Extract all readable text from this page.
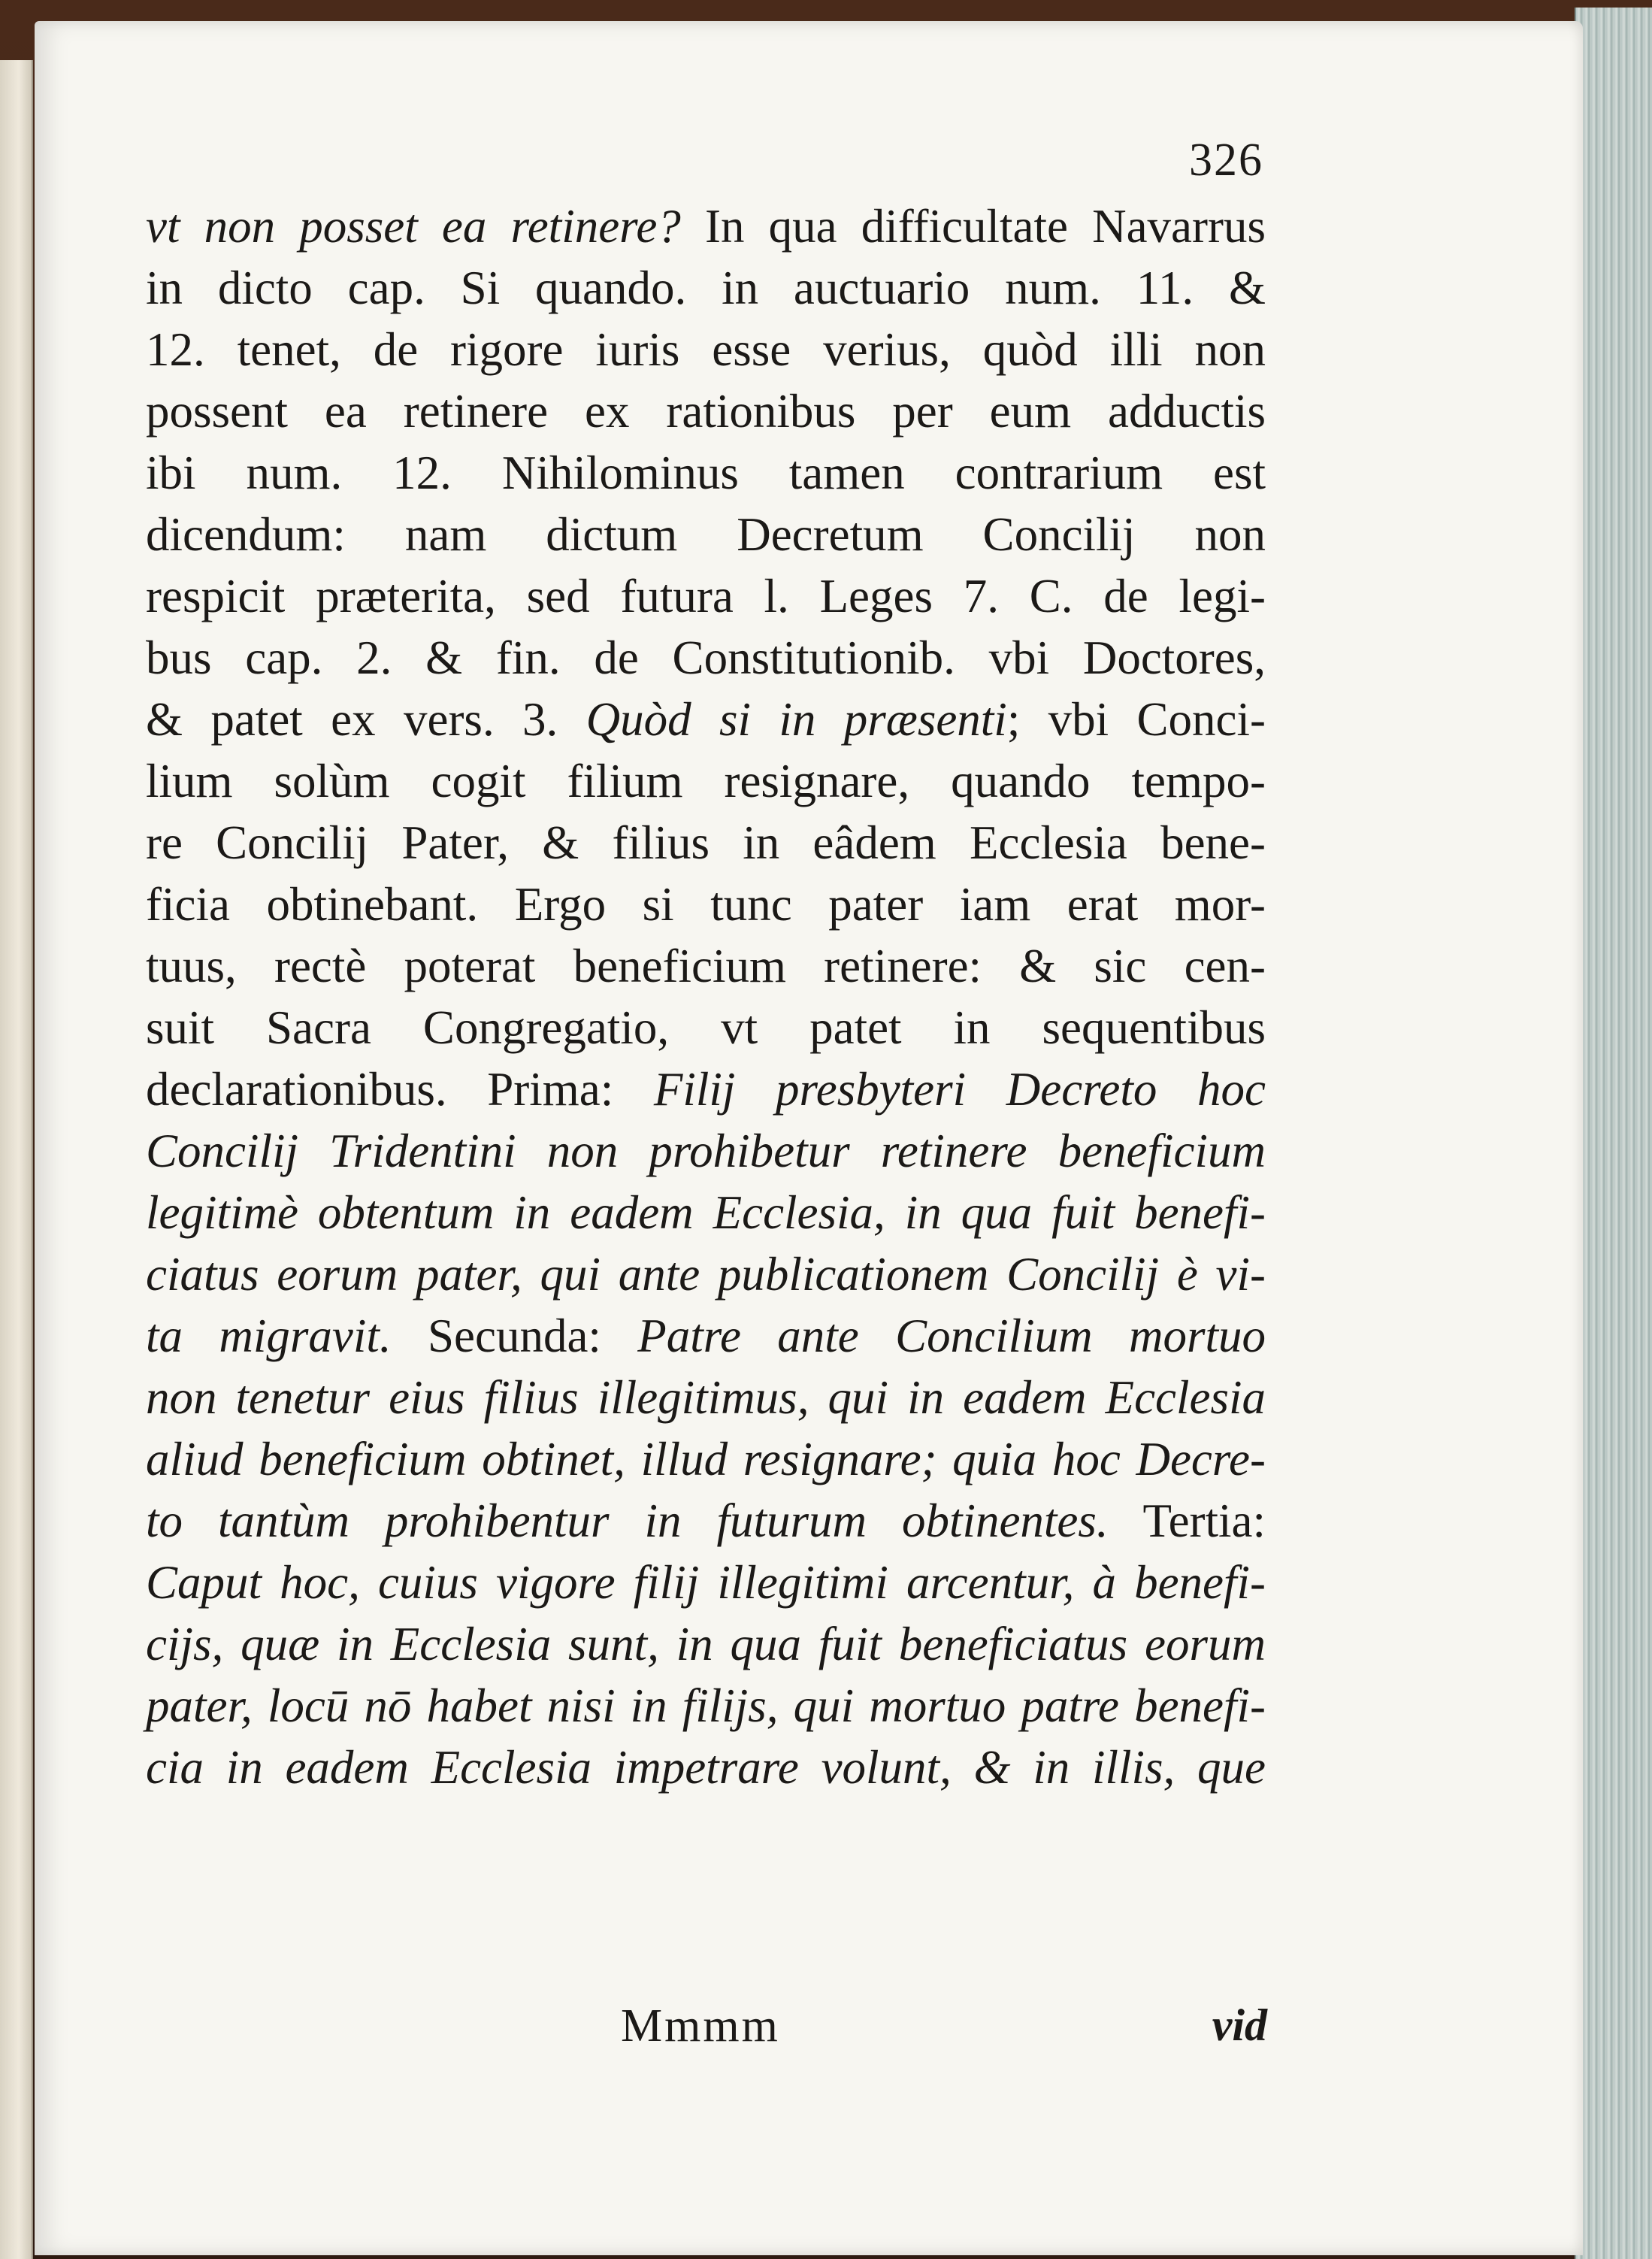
326
vt non posset ea retinere? In qua difficultate Navarrus
in dicto cap. Si quando. in auctuario num. 11. &
12. tenet, de rigore iuris esse verius, quòd illi non
possent ea retinere ex rationibus per eum adductis
ibi num. 12. Nihilominus tamen contrarium est
dicendum: nam dictum Decretum Concilij non
respicit præterita, sed futura l. Leges 7. C. de legi-
bus cap. 2. & fin. de Constitutionib. vbi Doctores,
& patet ex vers. 3. Quòd si in præsenti; vbi Conci-
lium solùm cogit filium resignare, quando tempo-
re Concilij Pater, & filius in eâdem Ecclesia bene-
ficia obtinebant. Ergo si tunc pater iam erat mor-
tuus, rectè poterat beneficium retinere: & sic cen-
suit Sacra Congregatio, vt patet in sequentibus
declarationibus. Prima: Filij presbyteri Decreto hoc
Concilij Tridentini non prohibetur retinere beneficium
legitimè obtentum in eadem Ecclesia, in qua fuit benefi-
ciatus eorum pater, qui ante publicationem Concilij è vi-
ta migravit. Secunda: Patre ante Concilium mortuo
non tenetur eius filius illegitimus, qui in eadem Ecclesia
aliud beneficium obtinet, illud resignare; quia hoc Decre-
to tantùm prohibentur in futurum obtinentes. Tertia:
Caput hoc, cuius vigore filij illegitimi arcentur, à benefi-
cijs, quæ in Ecclesia sunt, in qua fuit beneficiatus eorum
pater, locū nō habet nisi in filijs, qui mortuo patre benefi-
cia in eadem Ecclesia impetrare volunt, & in illis, que
Mmmm	vid
